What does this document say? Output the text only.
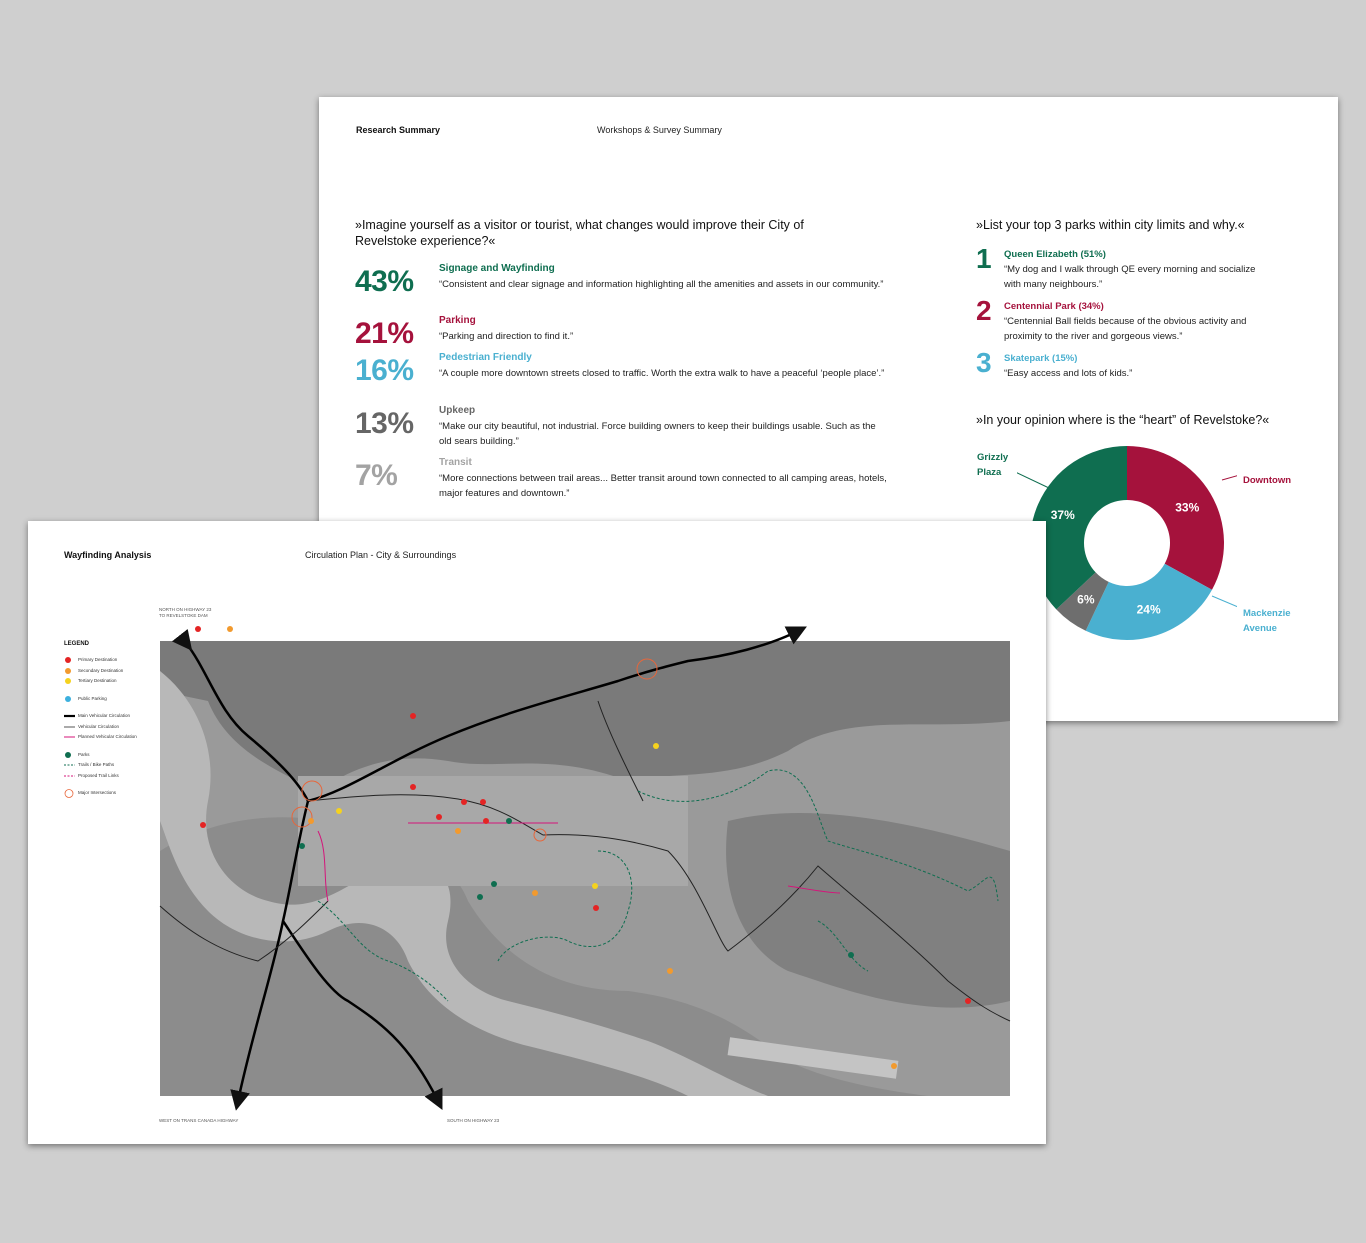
Research Summary	Workshops & Survey Summary
»Imagine yourself as a visitor or tourist, what changes would improve their City of Revelstoke experience?«
43%	Signage and Wayfinding
“Consistent and clear signage and information highlighting all the amenities and assets in our community.”
21%	Parking
“Parking and direction to find it.”
16%	Pedestrian Friendly
“A couple more downtown streets closed to traffic. Worth the extra walk to have a peaceful ‘people place’.”
13%	Upkeep
“Make our city beautiful, not industrial. Force building owners to keep their buildings usable. Such as the old sears building.”
7%	Transit
“More connections between trail areas... Better transit around town connected to all camping areas, hotels, major features and downtown.”
»List your top 3 parks within city limits and why.«
1 Queen Elizabeth (51%)
“My dog and I walk through QE every morning and socialize with many neighbours.”
2 Centennial Park (34%)
“Centennial Ball fields because of the obvious activity and proximity to the river and gorgeous views.”
3 Skatepark (15%)
“Easy access and lots of kids.”
»In your opinion where is the “heart” of Revelstoke?«
33%
24%
6%
37%
Grizzly
Plaza
Downtown
Mackenzie
Avenue
Wayfinding Analysis	Circulation Plan - City & Surroundings
LEGEND
Primary Destination
Secondary Destination
Tertiary Destination
Public Parking
Main Vehicular Circulation
Vehicular Circulation
Planned Vehicular Circulation
Parks
Trails / Bike Paths
Proposed Trail Links
Major Intersections
NORTH ON HIGHWAY 23
TO REVELSTOKE DAM
WEST ON TRANS CANADA HIGHWAY	SOUTH ON HIGHWAY 23
